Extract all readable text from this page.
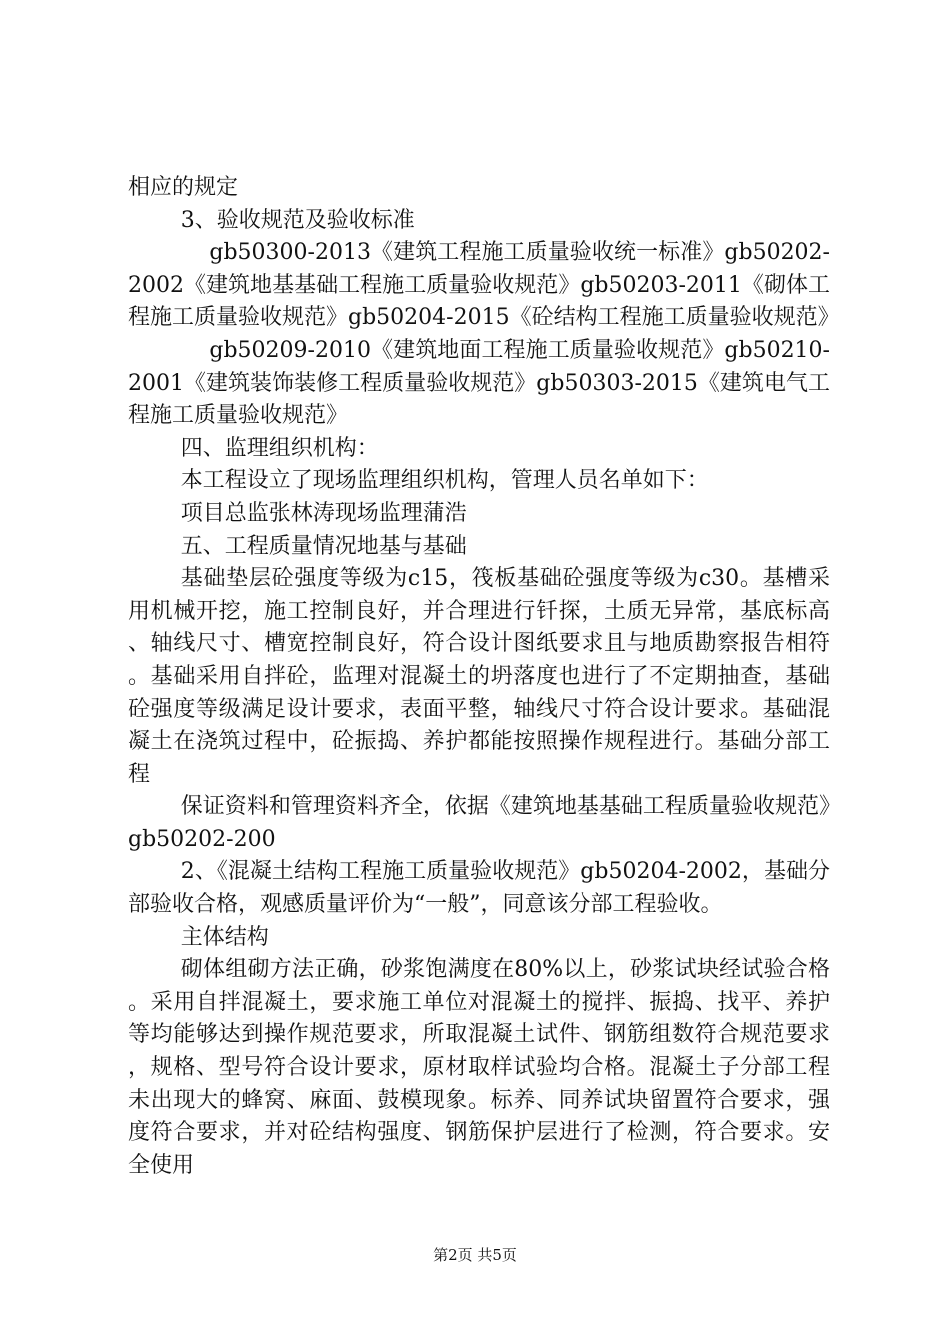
相应的规定

3、验收规范及验收标准

gb50300-2013《建筑工程施工质量验收统一标准》gb50202-2002《建筑地基基础工程施工质量验收规范》gb50203-2011《砌体工程施工质量验收规范》gb50204-2015《砼结构工程施工质量验收规范》

gb50209-2010《建筑地面工程施工质量验收规范》gb50210-2001《建筑装饰装修工程质量验收规范》gb50303-2015《建筑电气工程施工质量验收规范》

四、监理组织机构：

本工程设立了现场监理组织机构，管理人员名单如下：

项目总监张林涛现场监理蒲浩

五、工程质量情况地基与基础

基础垫层砼强度等级为c15，筏板基础砼强度等级为c30。基槽采用机械开挖，施工控制良好，并合理进行钎探，土质无异常，基底标高、轴线尺寸、槽宽控制良好，符合设计图纸要求且与地质勘察报告相符。基础采用自拌砼，监理对混凝土的坍落度也进行了不定期抽查，基础砼强度等级满足设计要求，表面平整，轴线尺寸符合设计要求。基础混凝土在浇筑过程中，砼振捣、养护都能按照操作规程进行。基础分部工程

保证资料和管理资料齐全，依据《建筑地基基础工程质量验收规范》gb50202-200

2、《混凝土结构工程施工质量验收规范》gb50204-2002，基础分部验收合格，观感质量评价为“一般”，同意该分部工程验收。

主体结构

砌体组砌方法正确，砂浆饱满度在80%以上，砂浆试块经试验合格。采用自拌混凝土，要求施工单位对混凝土的搅拌、振捣、找平、养护等均能够达到操作规范要求，所取混凝土试件、钢筋组数符合规范要求，规格、型号符合设计要求，原材取样试验均合格。混凝土子分部工程未出现大的蜂窝、麻面、鼓模现象。标养、同养试块留置符合要求，强度符合要求，并对砼结构强度、钢筋保护层进行了检测，符合要求。安全使用

第2页 共5页
